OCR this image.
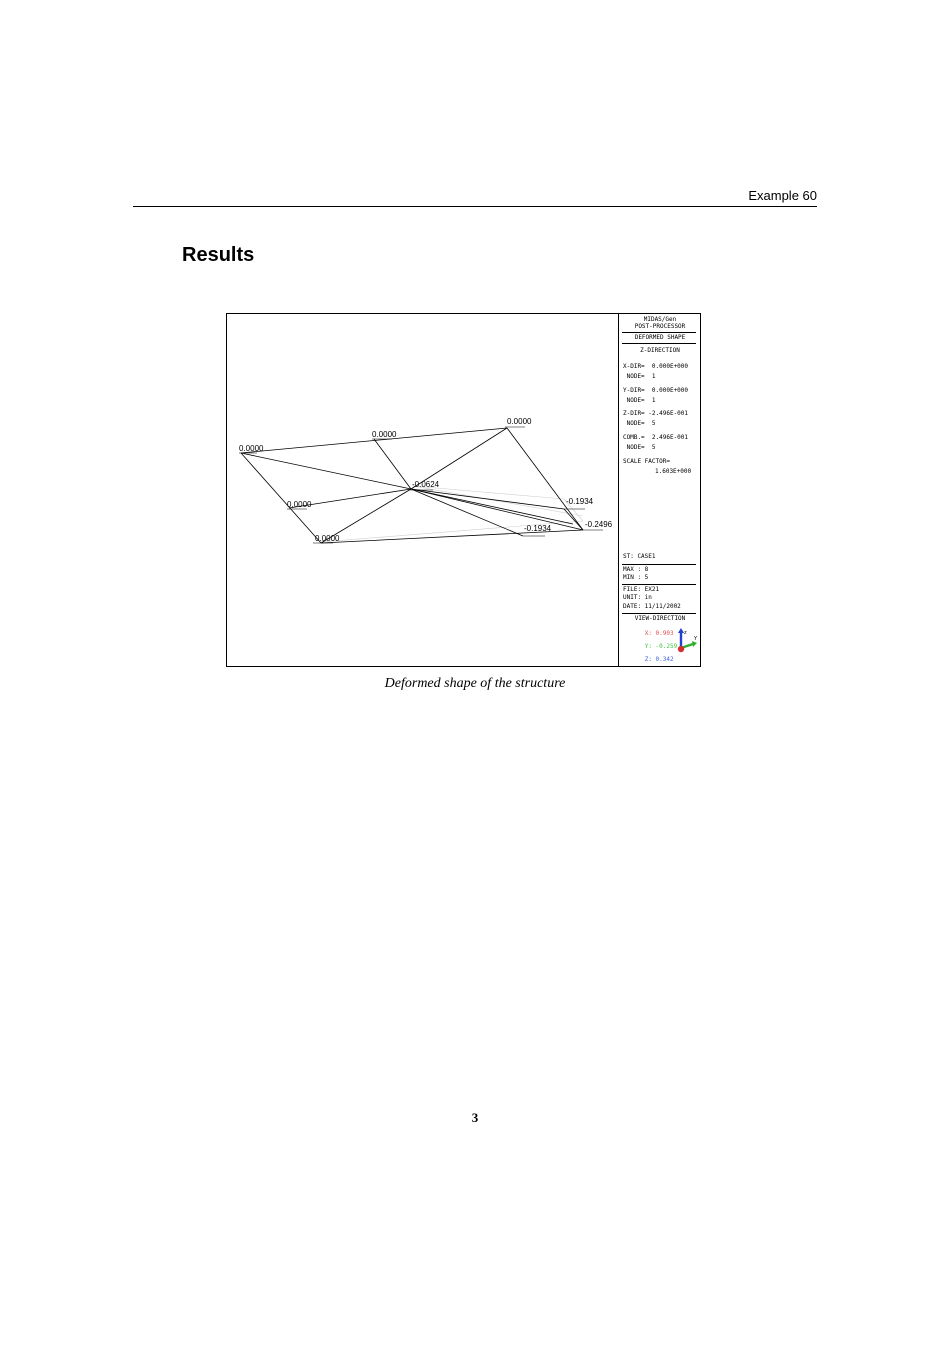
Example 60
Results
0.0000
0.0000
0.0000
0.0000
0.0000
-0.0624
-0.1934
-0.1934	-0.2496
MIDAS/Gen
POST-PROCESSOR
DEFORMED SHAPE
Z-DIRECTION
X-DIR=  0.000E+000
NODE=  1
Y-DIR=  0.000E+000
NODE=  1
Z-DIR= -2.496E-001
NODE=  5
COMB.=  2.496E-001
NODE=  5
SCALE FACTOR=
1.603E+000
ST: CASE1
MAX : 8
MIN : 5
FILE: EX21
UNIT: in
DATE: 11/11/2002
VIEW-DIRECTION

X : 0.903

Y : -0.259

Z : 0.342

z
Y
Deformed shape of the structure
3
